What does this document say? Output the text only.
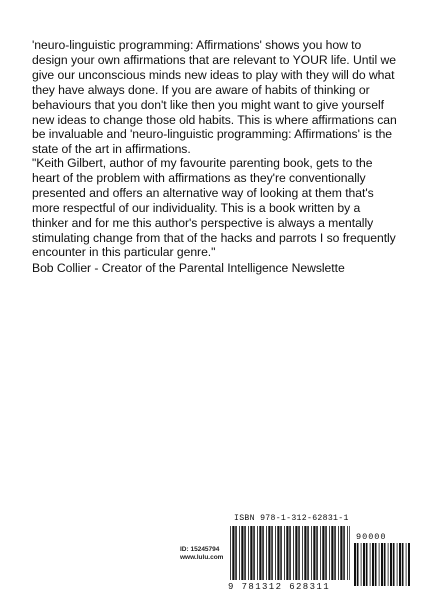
'neuro-linguistic programming: Affirmations' shows you how to design your own affirmations that are relevant to YOUR life. Until we give our unconscious minds new ideas to play with they will do what they have always done. If you are aware of habits of thinking or behaviours that you don't like then you might want to give yourself new ideas to change those old habits. This is where affirmations can be invaluable and 'neuro-linguistic programming: Affirmations' is the state of the art in affirmations.

"Keith Gilbert, author of my favourite parenting book, gets to the heart of the problem with affirmations as they're conventionally presented and offers an alternative way of looking at them that's more respectful of our individuality. This is a book written by a thinker and for me this author's perspective is always a mentally stimulating change from that of the hacks and parrots I so frequently encounter in this particular genre."

Bob Collier - Creator of the Parental Intelligence Newslette

ID: 15245794
www.lulu.com
ISBN 978-1-312-62831-1
90000
9 781312 628311
